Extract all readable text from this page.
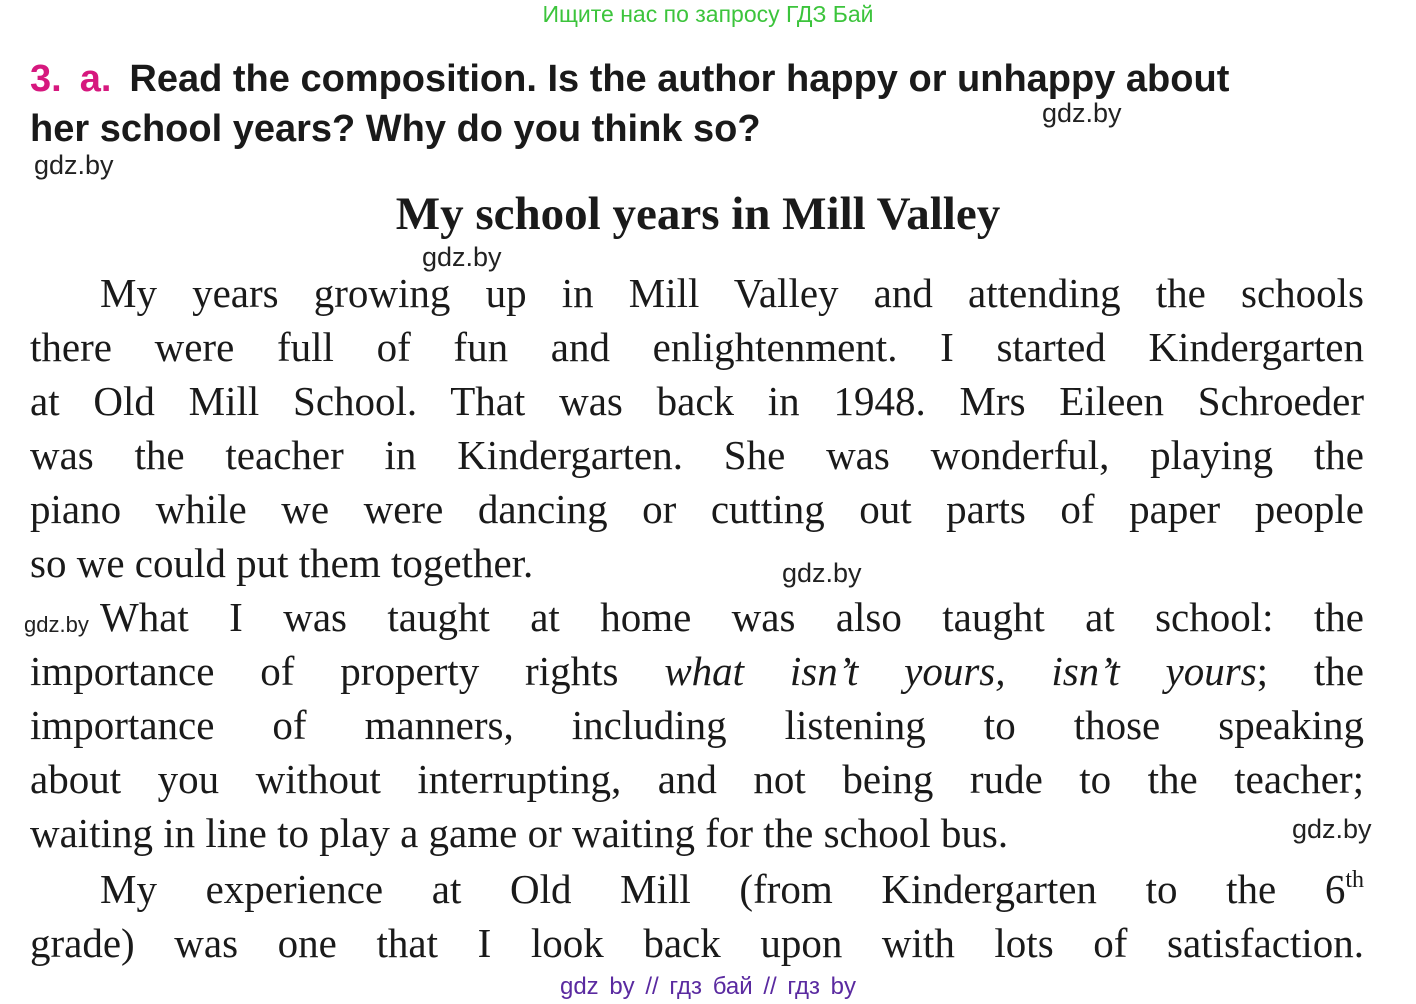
Ищите нас по запросу ГДЗ Бай
3. a. Read the composition. Is the author happy or unhappy about
her school years? Why do you think so?	gdz.by
gdz.by
My school years in Mill Valley
gdz.by
My years growing up in Mill Valley and attending the schools
there were full of fun and enlightenment. I started Kindergarten
at Old Mill School. That was back in 1948. Mrs Eileen Schroeder
was the teacher in Kindergarten. She was wonderful, playing the
piano while we were dancing or cutting out parts of paper people
so we could put them together.	gdz.by
gdz.by What I was taught at home was also taught at school: the
importance of property rights what isn’t yours, isn’t yours; the
importance of manners, including listening to those speaking
about you without interrupting, and not being rude to the teacher;
waiting in line to play a game or waiting for the school bus.	gdz.by
My experience at Old Mill (from Kindergarten to the 6th
grade) was one that I look back upon with lots of satisfaction.
gdz by // гдз бай // гдз by
